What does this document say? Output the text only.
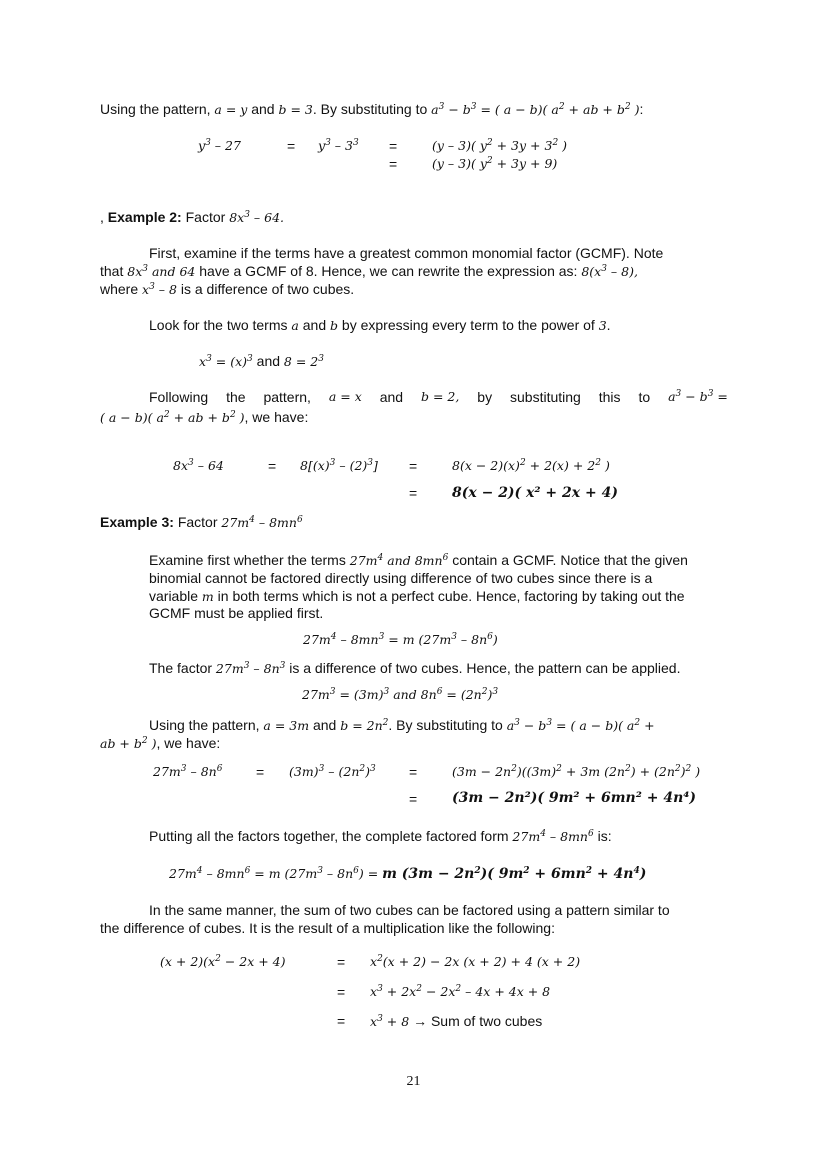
Using the pattern, a = y and b = 3. By substituting to $a^3 - b^3$ = ( a − b)( $a^2$ + ab + $b^2$ ):
$y^3 - 27$	= $y^3 - 3^3$ =	(y – 3)( $y^2 + 3y + 3^2$ )
=	(y – 3)( $y^2 + 3y + 9$)
, Example 2: Factor $8x^3 - 64$.
First, examine if the terms have a greatest common monomial factor (GCMF). Note
that $8x^3$ and 64 have a GCMF of 8. Hence, we can rewrite the expression as: $8(x^3 - 8)$,
where $x^3 - 8$ is a difference of two cubes.
Look for the two terms a and b by expressing every term to the power of 3.
$x^3 = (x)^3$ and $8 = 2^3$
Following the pattern, a = x and b = 2, by substituting this to $a^3 - b^3$ =
( a − b)( $a^2$ + ab + $b^2$ ), we have:
$8x^3 - 64$	= $8[(x)^3 - (2)^3]$ =	$8(x - 2)(x)^2 + 2(x) + 2^2$ )
= 8(x − 2)( x² + 2x + 4)
Example 3: Factor $27m^4 - 8mn^6$
Examine first whether the terms $27m^4$ and $8mn^6$ contain a GCMF. Notice that the given
binomial cannot be factored directly using difference of two cubes since there is a
variable m in both terms which is not a perfect cube. Hence, factoring by taking out the
GCMF must be applied first.
$27m^4 - 8mn^3 = m$ $(27m^3 - 8n^6)$
The factor $27m^3 - 8n^3$ is a difference of two cubes. Hence, the pattern can be applied.
$27m^3 = (3m)^3$ and $8n^6 = (2n^2)^3$
Using the pattern, a = 3m and $b = 2n^2$. By substituting to $a^3 - b^3$ = ( a − b)( $a^2$ +
ab + $b^2$ ), we have:
$27m^3 - 8n^6 = (3m)^3 - (2n^2)^3$ =	$(3m - 2n^2)((3m)^2 + 3m$ $(2n^2) + (2n^2)^2$ )
= (3m − 2n²)( 9m² + 6mn² + 4n⁴)
Putting all the factors together, the complete factored form $27m^4 - 8mn^6$ is:
$27m^4 - 8mn^6 = m$ $(27m^3 - 8n^6) = m$ $(3m - 2n^2)$( $9m^2 + 6mn^2 + 4n^4$)
In the same manner, the sum of two cubes can be factored using a pattern similar to
the difference of cubes. It is the result of a multiplication like the following:
$(x + 2)(x^2 - 2x + 4)$	= $x^2(x + 2) - 2x$ (x + 2) + 4 (x + 2)
= $x^3 + 2x^2 - 2x^2 - 4x + 4x + 8$
= $x^3 + 8$ → Sum of two cubes
21
